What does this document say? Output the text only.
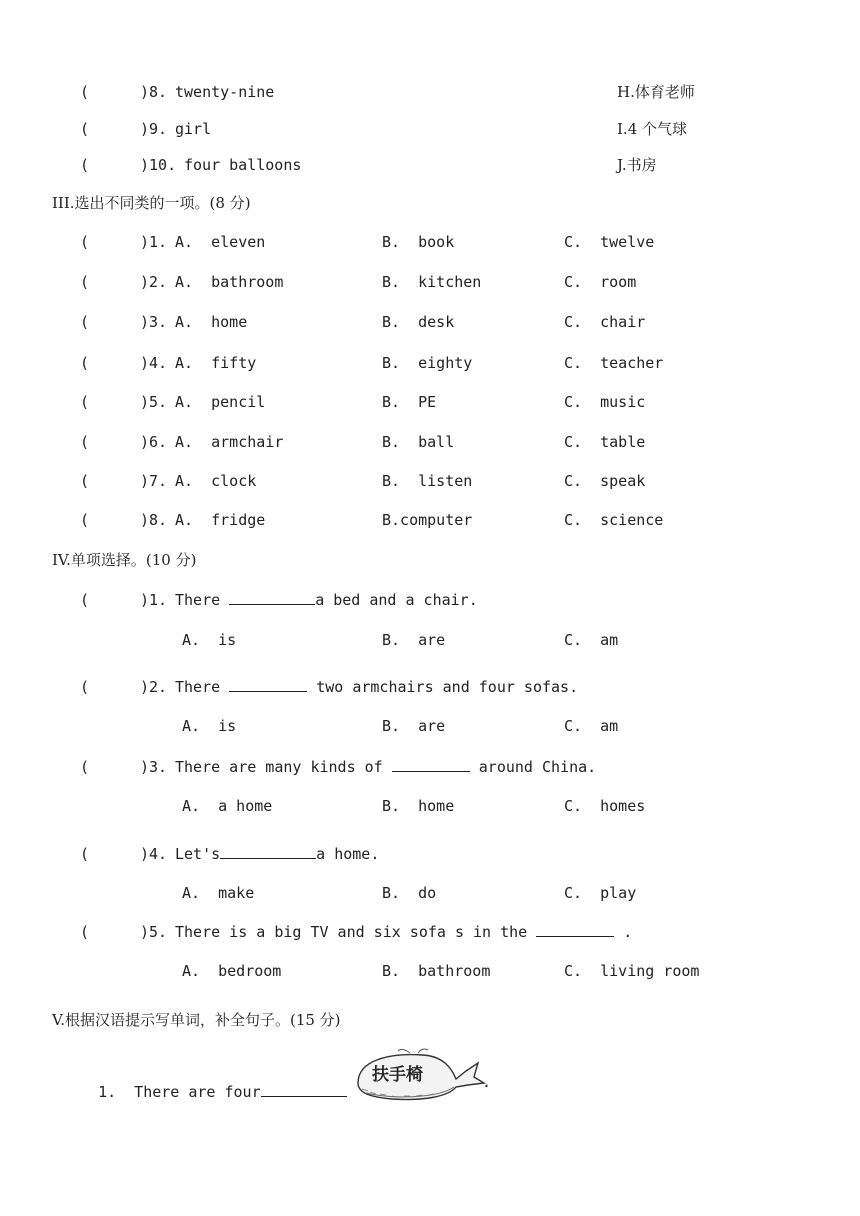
(	)8. twenty-nine	H.体育老师
(	)9. girl	I.4 个气球
(	)10. four balloons	J.书房
III.选出不同类的一项。(8 分)
(	)1. A.  eleven	B.  book	C.  twelve
(	)2. A.  bathroom	B.  kitchen	C.  room
(	)3. A.  home	B.  desk	C.  chair
(	)4. A.  fifty	B.  eighty	C.  teacher
(	)5. A.  pencil	B.  PE	C.  music
(	)6. A.  armchair	B.  ball	C.  table
(	)7. A.  clock	B.  listen	C.  speak
(	)8. A.  fridge	B.computer	C.  science
IV.单项选择。(10 分)
(	)1. There	a bed and a chair.
A.  is	B.  are	C.  am
(	)2. There	two armchairs and four sofas.
A.  is	B.  are	C.  am
(	)3. There are many kinds of	around China.
A.  a home	B.  home	C.  homes
(	)4. Let's	a home.
A.  make	B.  do	C.  play
(	)5. There is a big TV and six sofa s in the	.
A.  bedroom	B.  bathroom	C.  living room
V.根据汉语提示写单词，补全句子。(15 分)

1.  There are four

扶手椅	.
